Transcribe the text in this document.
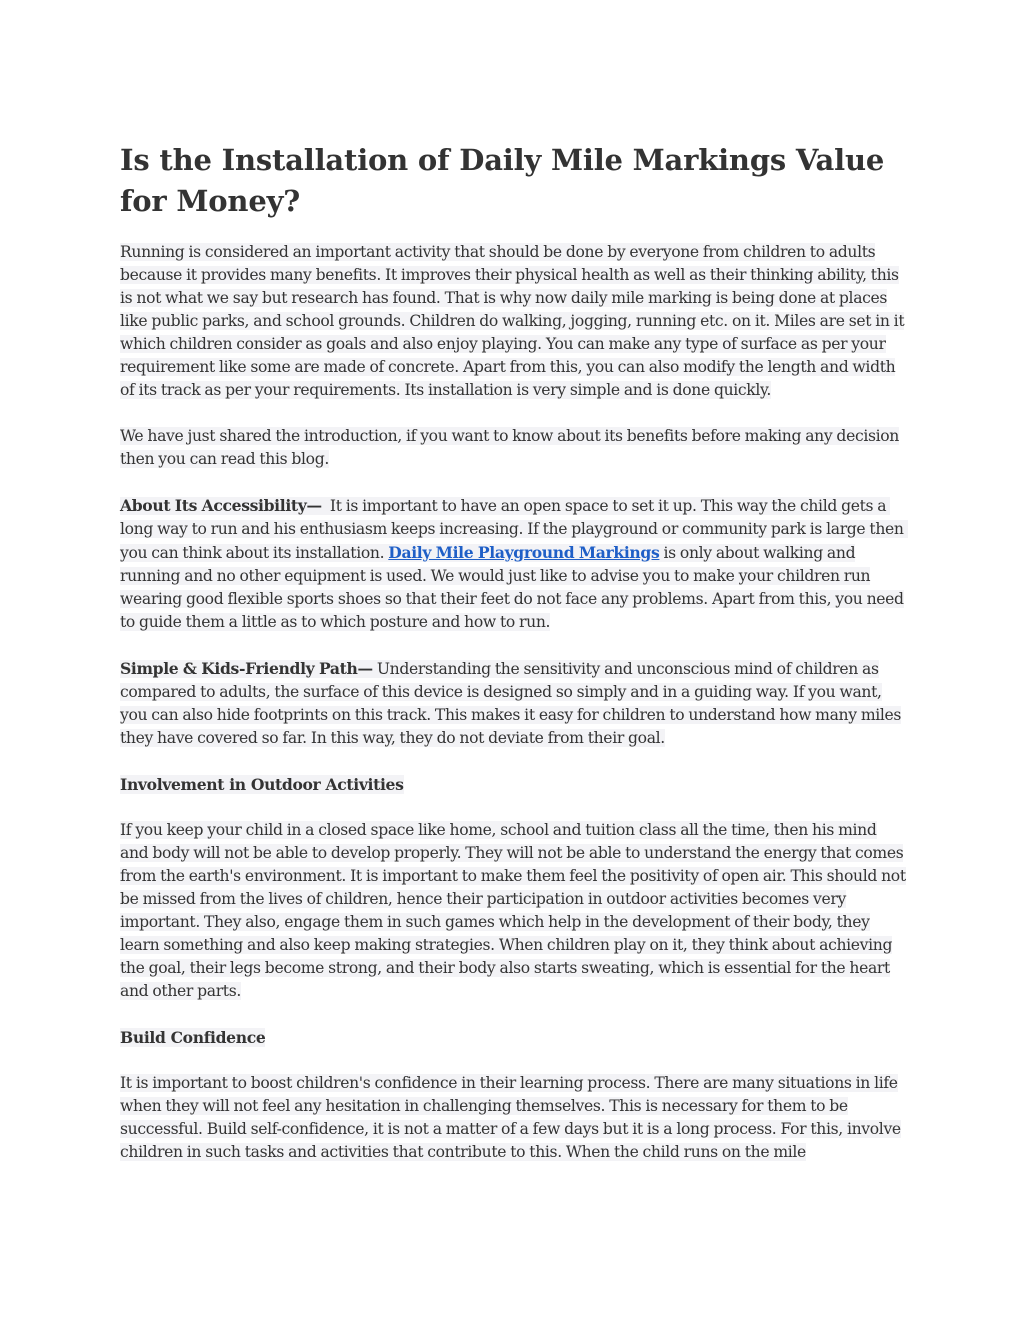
Is the Installation of Daily Mile Markings Value for Money?

Running is considered an important activity that should be done by everyone from children to adults because it provides many benefits. It improves their physical health as well as their thinking ability, this is not what we say but research has found. That is why now daily mile marking is being done at places like public parks, and school grounds. Children do walking, jogging, running etc. on it. Miles are set in it which children consider as goals and also enjoy playing. You can make any type of surface as per your requirement like some are made of concrete. Apart from this, you can also modify the length and width of its track as per your requirements. Its installation is very simple and is done quickly.

We have just shared the introduction, if you want to know about its benefits before making any decision then you can read this blog.

About Its Accessibility—  It is important to have an open space to set it up. This way the child gets a long way to run and his enthusiasm keeps increasing. If the playground or community park is large then you can think about its installation. Daily Mile Playground Markings is only about walking and running and no other equipment is used. We would just like to advise you to make your children run wearing good flexible sports shoes so that their feet do not face any problems. Apart from this, you need to guide them a little as to which posture and how to run.

Simple & Kids-Friendly Path— Understanding the sensitivity and unconscious mind of children as compared to adults, the surface of this device is designed so simply and in a guiding way. If you want, you can also hide footprints on this track. This makes it easy for children to understand how many miles they have covered so far. In this way, they do not deviate from their goal.

Involvement in Outdoor Activities

If you keep your child in a closed space like home, school and tuition class all the time, then his mind and body will not be able to develop properly. They will not be able to understand the energy that comes from the earth's environment. It is important to make them feel the positivity of open air. This should not be missed from the lives of children, hence their participation in outdoor activities becomes very important. They also, engage them in such games which help in the development of their body, they learn something and also keep making strategies. When children play on it, they think about achieving the goal, their legs become strong, and their body also starts sweating, which is essential for the heart and other parts.

Build Confidence

It is important to boost children's confidence in their learning process. There are many situations in life when they will not feel any hesitation in challenging themselves. This is necessary for them to be successful. Build self-confidence, it is not a matter of a few days but it is a long process. For this, involve children in such tasks and activities that contribute to this. When the child runs on the mile
